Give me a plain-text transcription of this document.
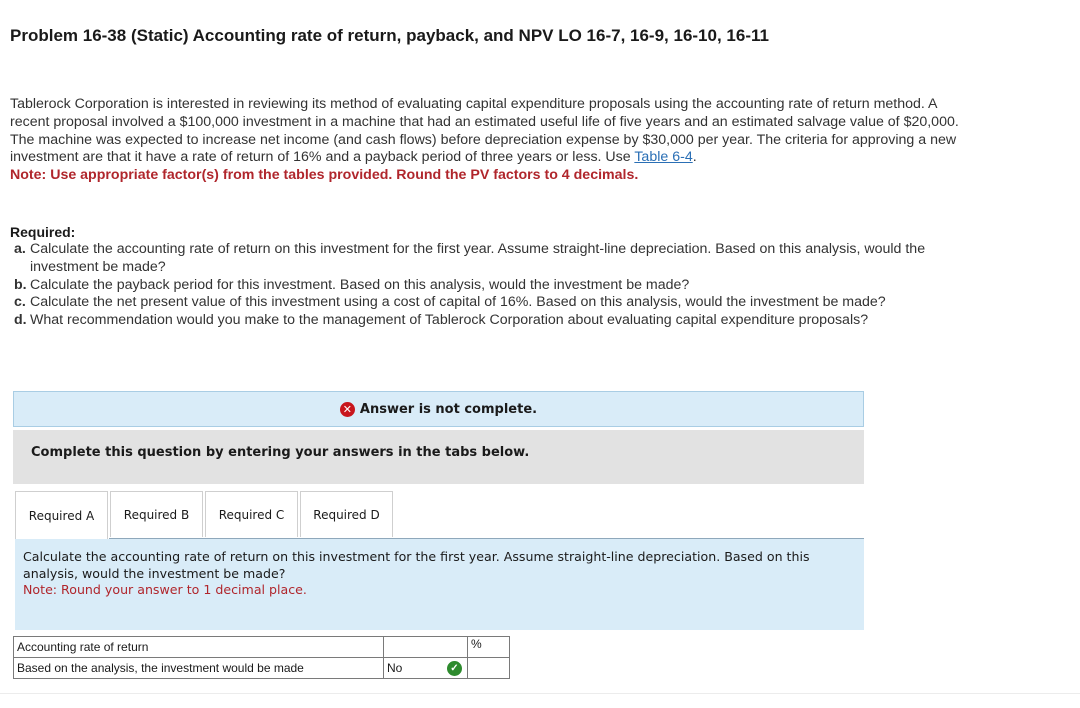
Problem 16-38 (Static) Accounting rate of return, payback, and NPV LO 16-7, 16-9, 16-10, 16-11
Tablerock Corporation is interested in reviewing its method of evaluating capital expenditure proposals using the accounting rate of return method. A recent proposal involved a $100,000 investment in a machine that had an estimated useful life of five years and an estimated salvage value of $20,000. The machine was expected to increase net income (and cash flows) before depreciation expense by $30,000 per year. The criteria for approving a new investment are that it have a rate of return of 16% and a payback period of three years or less. Use Table 6-4.
Note: Use appropriate factor(s) from the tables provided. Round the PV factors to 4 decimals.
Required:
a. Calculate the accounting rate of return on this investment for the first year. Assume straight-line depreciation. Based on this analysis, would the investment be made?
b. Calculate the payback period for this investment. Based on this analysis, would the investment be made?
c. Calculate the net present value of this investment using a cost of capital of 16%. Based on this analysis, would the investment be made?
d. What recommendation would you make to the management of Tablerock Corporation about evaluating capital expenditure proposals?
✕ Answer is not complete.
Complete this question by entering your answers in the tabs below.
Required A	Required B	Required C	Required D
Calculate the accounting rate of return on this investment for the first year. Assume straight-line depreciation. Based on this analysis, would the investment be made?
Note: Round your answer to 1 decimal place.
Accounting rate of return		%
Based on the analysis, the investment would be made	No ✓	
